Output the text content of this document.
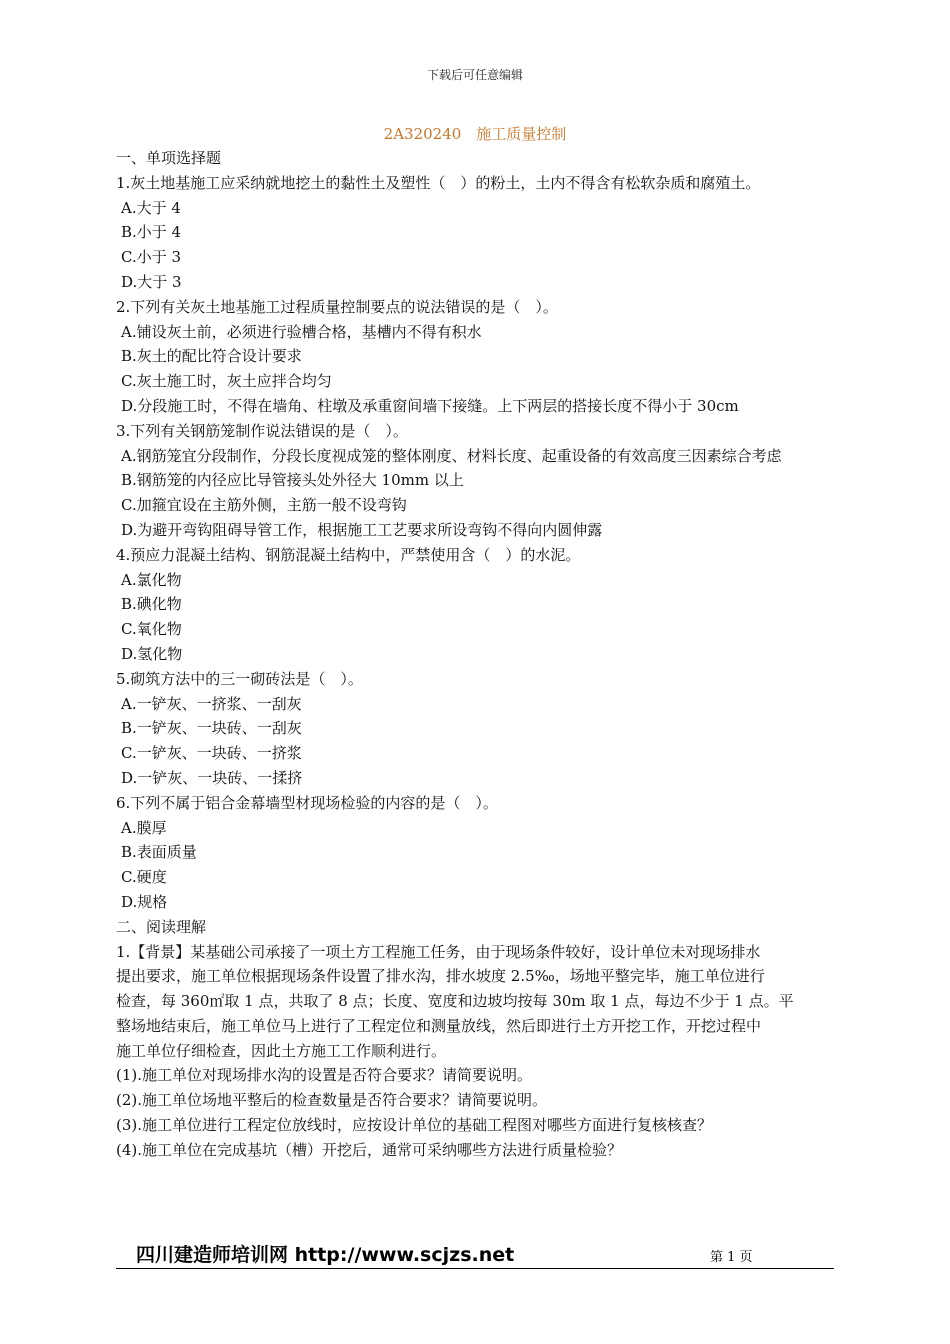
下载后可任意编辑
2A320240　施工质量控制
一、单项选择题
1.灰土地基施工应采纳就地挖土的黏性土及塑性（　）的粉土，土内不得含有松软杂质和腐殖土。
A.大于 4
B.小于 4
C.小于 3
D.大于 3
2.下列有关灰土地基施工过程质量控制要点的说法错误的是（　）。
A.铺设灰土前，必须进行验槽合格，基槽内不得有积水
B.灰土的配比符合设计要求
C.灰土施工时，灰土应拌合均匀
D.分段施工时，不得在墙角、柱墩及承重窗间墙下接缝。上下两层的搭接长度不得小于 30cm
3.下列有关钢筋笼制作说法错误的是（　）。
A.钢筋笼宜分段制作，分段长度视成笼的整体刚度、材料长度、起重设备的有效高度三因素综合考虑
B.钢筋笼的内径应比导管接头处外径大 10mm 以上
C.加箍宜设在主筋外侧，主筋一般不设弯钩
D.为避开弯钩阻碍导管工作，根据施工工艺要求所设弯钩不得向内圆伸露
4.预应力混凝土结构、钢筋混凝土结构中，严禁使用含（　）的水泥。
A.氯化物
B.碘化物
C.氧化物
D.氢化物
5.砌筑方法中的三一砌砖法是（　）。
A.一铲灰、一挤浆、一刮灰
B.一铲灰、一块砖、一刮灰
C.一铲灰、一块砖、一挤浆
D.一铲灰、一块砖、一揉挤
6.下列不属于铝合金幕墙型材现场检验的内容的是（　）。
A.膜厚
B.表面质量
C.硬度
D.规格
二、阅读理解
1.【背景】某基础公司承接了一项土方工程施工任务，由于现场条件较好，设计单位未对现场排水
提出要求，施工单位根据现场条件设置了排水沟，排水坡度 2.5‰，场地平整完毕，施工单位进行
检查，每 360㎡取 1 点，共取了 8 点；长度、宽度和边坡均按每 30m 取 1 点，每边不少于 1 点。平
整场地结束后，施工单位马上进行了工程定位和测量放线，然后即进行土方开挖工作，开挖过程中
施工单位仔细检查，因此土方施工工作顺利进行。
(1).施工单位对现场排水沟的设置是否符合要求？请简要说明。
(2).施工单位场地平整后的检查数量是否符合要求？请简要说明。
(3).施工单位进行工程定位放线时，应按设计单位的基础工程图对哪些方面进行复核核查？
(4).施工单位在完成基坑（槽）开挖后，通常可采纳哪些方法进行质量检验？
四川建造师培训网 http://www.scjzs.net	第 1 页
